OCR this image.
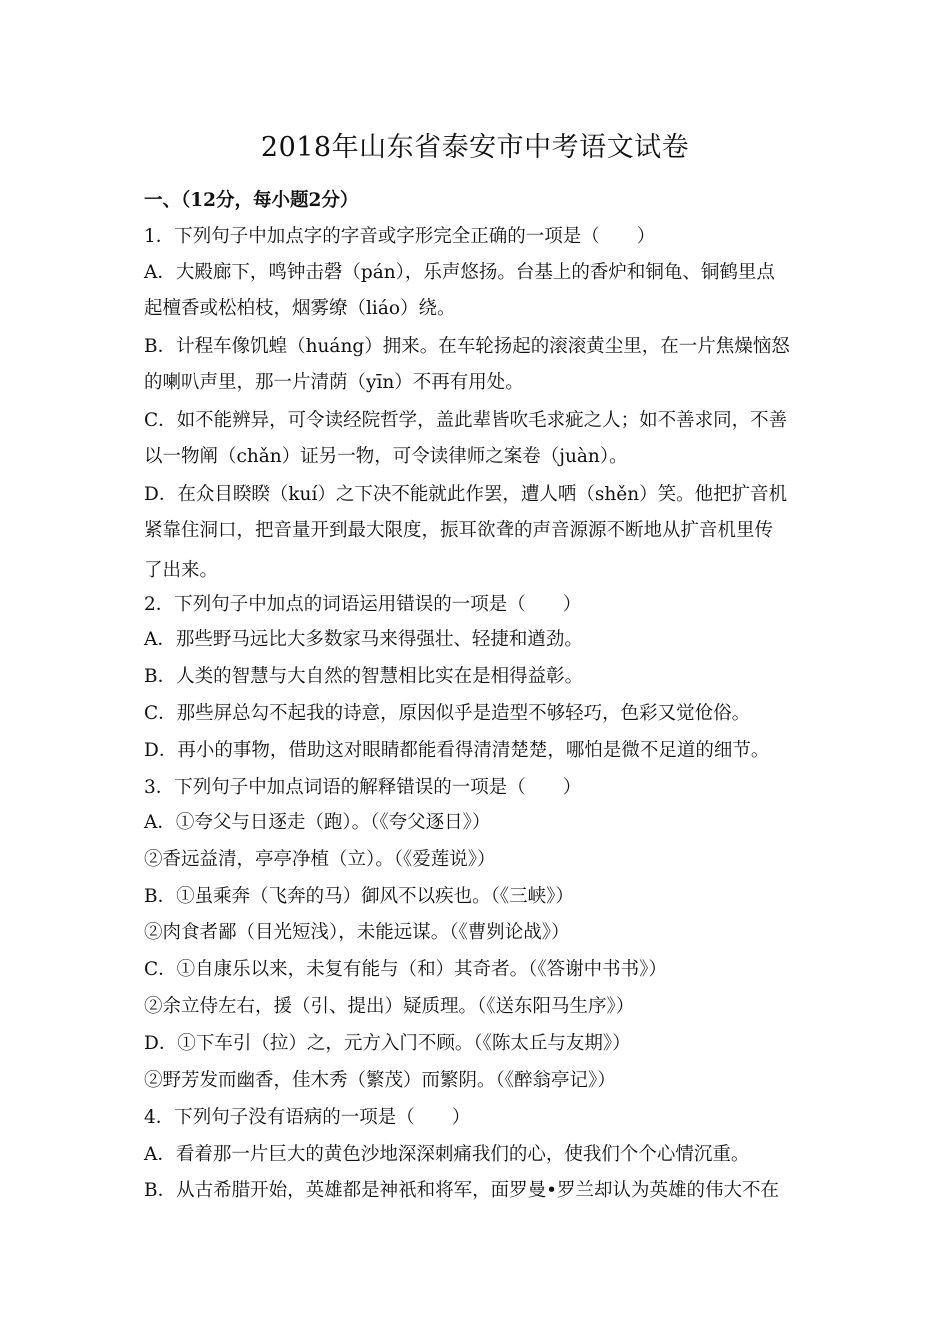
2018年山东省泰安市中考语文试卷
一、（12分，每小题2分）
1．下列句子中加点字的字音或字形完全正确的一项是（　　）
A．大殿廊下，鸣钟击磬（pán），乐声悠扬。台基上的香炉和铜龟、铜鹤里点
起檀香或松柏枝，烟雾缭（liáo）绕。
B．计程车像饥蝗（huáng）拥来。在车轮扬起的滚滚黄尘里，在一片焦燥恼怒
的喇叭声里，那一片清荫（yīn）不再有用处。
C．如不能辨异，可令读经院哲学，盖此辈皆吹毛求疵之人；如不善求同，不善
以一物阐（chǎn）证另一物，可令读律师之案卷（juàn）。
D．在众目睽睽（kuí）之下决不能就此作罢，遭人哂（shěn）笑。他把扩音机
紧靠住洞口，把音量开到最大限度，振耳欲聋的声音源源不断地从扩音机里传
了出来。
2．下列句子中加点的词语运用错误的一项是（　　）
A．那些野马远比大多数家马来得强壮、轻捷和遒劲。
B．人类的智慧与大自然的智慧相比实在是相得益彰。
C．那些屏总勾不起我的诗意，原因似乎是造型不够轻巧，色彩又觉伧俗。
D．再小的事物，借助这对眼睛都能看得清清楚楚，哪怕是微不足道的细节。
3．下列句子中加点词语的解释错误的一项是（　　）
A．①夸父与日逐走（跑）。（《夸父逐日》）
②香远益清，亭亭净植（立）。（《爱莲说》）
B．①虽乘奔（飞奔的马）御风不以疾也。（《三峡》）
②肉食者鄙（目光短浅），未能远谋。（《曹刿论战》）
C．①自康乐以来，未复有能与（和）其奇者。（《答谢中书书》）
②余立侍左右，援（引、提出）疑质理。（《送东阳马生序》）
D．①下车引（拉）之，元方入门不顾。（《陈太丘与友期》）
②野芳发而幽香，佳木秀（繁茂）而繁阴。（《醉翁亭记》）
4．下列句子没有语病的一项是（　　）
A．看着那一片巨大的黄色沙地深深刺痛我们的心，使我们个个心情沉重。
B．从古希腊开始，英雄都是神祇和将军，面罗曼•罗兰却认为英雄的伟大不在
